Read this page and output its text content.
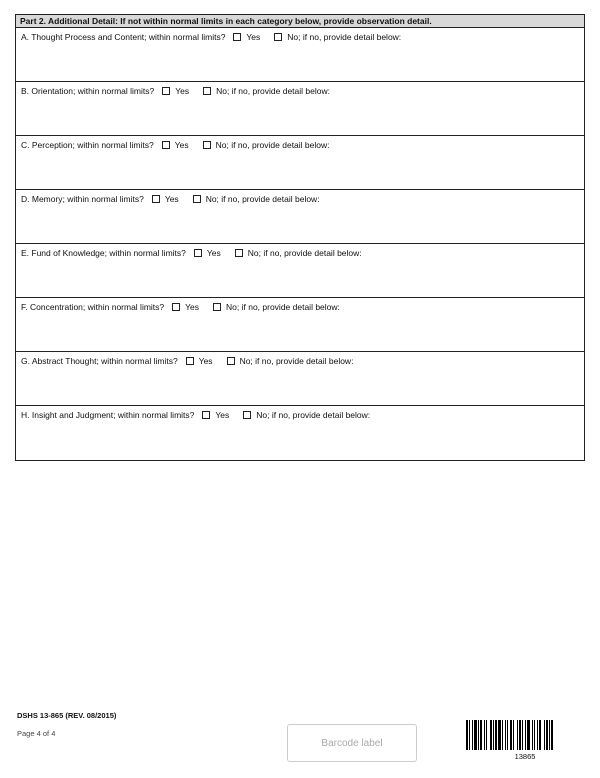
Part 2. Additional Detail: If not within normal limits in each category below, provide observation detail.
A. Thought Process and Content; within normal limits? Yes	No; if no, provide detail below:
B. Orientation; within normal limits? Yes	No; if no, provide detail below:
C. Perception; within normal limits? Yes	No; if no, provide detail below:
D. Memory; within normal limits? Yes	No; if no, provide detail below:
E. Fund of Knowledge; within normal limits? Yes	No; if no, provide detail below:
F. Concentration; within normal limits? Yes	No; if no, provide detail below:
G. Abstract Thought; within normal limits? Yes	No; if no, provide detail below:
H. Insight and Judgment; within normal limits? Yes	No; if no, provide detail below:
DSHS 13-865 (REV. 08/2015)
Page 4 of 4
Barcode label
13865
